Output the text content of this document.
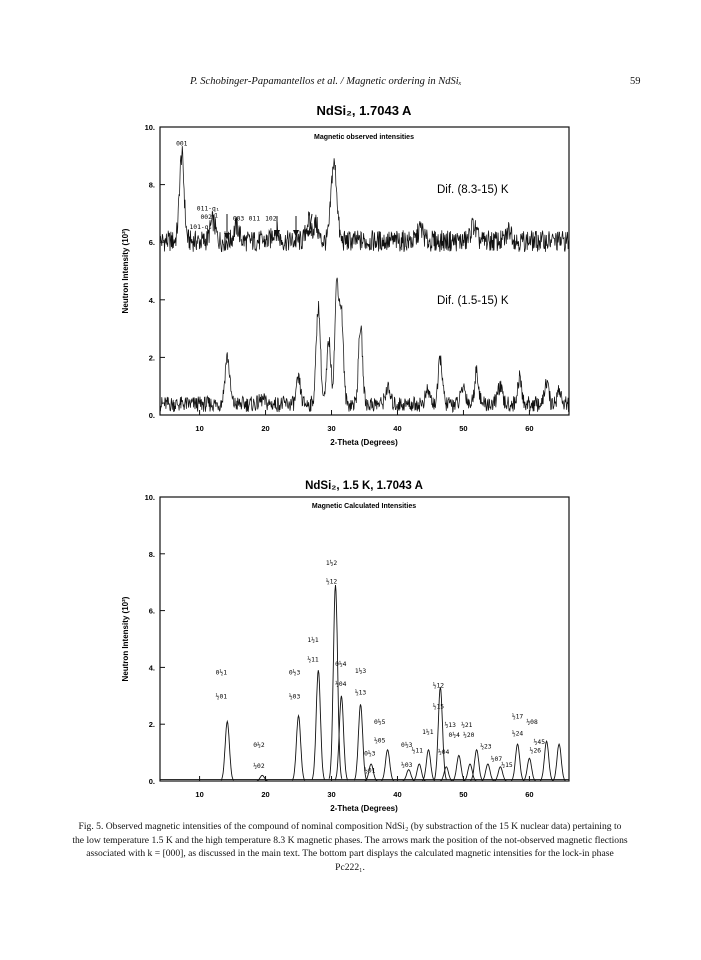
P. Schobinger-Papamantellos et al. / Magnetic ordering in NdSiₓ	59
NdSi₂, 1.7043 A
Magnetic observed intensities
2-Theta (Degrees)
Neutron Intensity (10²)
Dif. (8.3-15) K
Dif. (1.5-15) K
10	20	30	40	50	60
0.
2.
4.
6.
8.
10.
001
011-q₁
002 1
101-q₂
003 011 102
NdSi₂, 1.5 K, 1.7043 A
Magnetic Calculated Intensities
2-Theta (Degrees)
Neutron Intensity (10²)
10	20	30	40	50	60
0.
2.
4.
6.
8.
10.
0½1
½01
0½2
½02
0½3
½03
1½1
½11
1½2
½12
0½4
½04
1½3
½13
0½5
½05
0½3
½01
0½3
½03
½11
½12
½15
½04
1½1
½13 ½21
0½4 ½20
½23
½07
½15
½17
½24
½08
½45
½26
Fig. 5. Observed magnetic intensities of the compound of nominal composition NdSi₂ (by substraction of the 15 K nuclear data) pertaining to the low temperature 1.5 K and the high temperature 8.3 K magnetic phases. The arrows mark the position of the not-observed magnetic flections associated with k = [000], as discussed in the main text. The bottom part displays the calculated magnetic intensities for the lock-in phase Pc222₁.
